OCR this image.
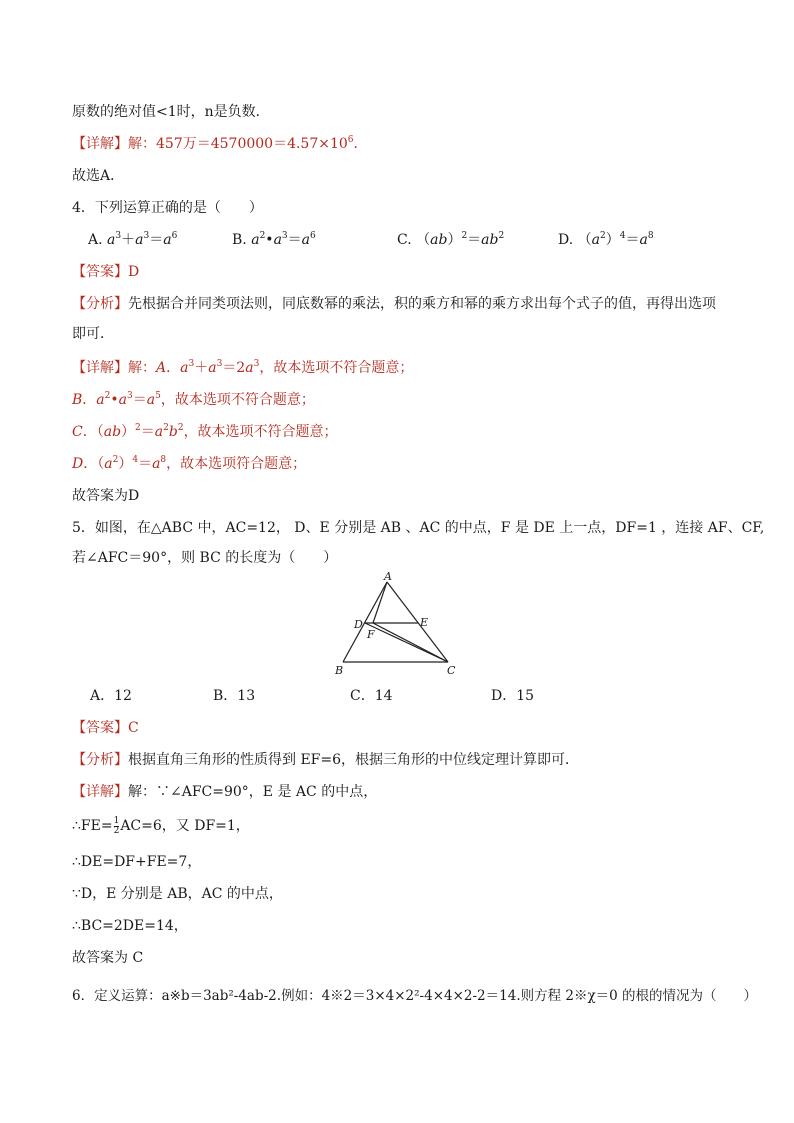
原数的绝对值<1时，n是负数．
【详解】解：457万$=4570000=4.57\times 10^6$．
故选A．
4．下列运算正确的是（　　）
A. $a^3+a^3=a^6$	B. $a^2•a^3=a^6$	C. $(ab)^2=ab^2$	D. $(a^2)^4=a^8$
【答案】D
【分析】先根据合并同类项法则，同底数幂的乘法，积的乘方和幂的乘方求出每个式子的值，再得出选项
即可．
【详解】解：A．$a^3+a^3=2a^3$，故本选项不符合题意；
B．$a^2•a^3=a^5$，故本选项不符合题意；
C．$(ab)^2=a^2b^2$，故本选项不符合题意；
D．$(a^2)^4=a^8$，故本选项符合题意；
故答案为D
5．如图，在△ABC 中，AC=12， D、E 分别是 AB 、AC 的中点，F 是 DE 上一点，DF=1 ，连接 AF、CF,
若∠AFC＝90°，则 BC 的长度为（　　）
A
B	C
D	E
F
A．12	B．13	C．14	D．15
【答案】C
【分析】根据直角三角形的性质得到 EF=6，根据三角形的中位线定理计算即可．
【详解】解：∵∠AFC=90°，E 是 AC 的中点，
∴FE= $\frac{1}{2} AC=6$，又 DF=1，
∴DE=DF+FE=7，
∵D，E 分别是 AB，AC 的中点，
∴BC=2DE=14，
故答案为 C
6．定义运算：a※b＝3ab²-4ab-2.例如：4※2＝3×4×2²-4×4×2-2＝14.则方程 2※χ＝0 的根的情况为（　　）
